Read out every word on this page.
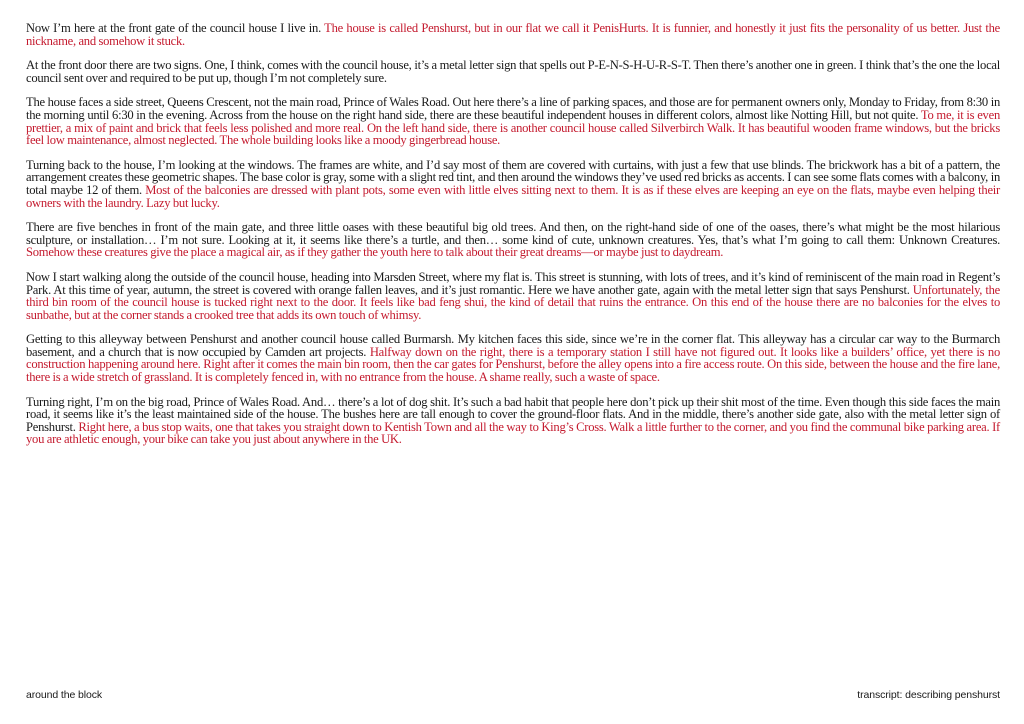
Now I’m here at the front gate of the council house I live in. The house is called Penshurst, but in our flat we call it PenisHurts. It is funnier, and honestly it just fits the personality of us better. Just the nickname, and somehow it stuck.

At the front door there are two signs. One, I think, comes with the council house, it’s a metal letter sign that spells out P-E-N-S-H-U-R-S-T. Then there’s another one in green. I think that’s the one the local council sent over and required to be put up, though I’m not completely sure.

The house faces a side street, Queens Crescent, not the main road, Prince of Wales Road. Out here there’s a line of parking spaces, and those are for permanent owners only, Monday to Friday, from 8:30 in the morning until 6:30 in the evening. Across from the house on the right hand side, there are these beautiful independent houses in different colors, almost like Notting Hill, but not quite. To me, it is even prettier, a mix of paint and brick that feels less polished and more real. On the left hand side, there is another council house called Silverbirch Walk. It has beautiful wooden frame windows, but the bricks feel low maintenance, almost neglected. The whole building looks like a moody gingerbread house.

Turning back to the house, I’m looking at the windows. The frames are white, and I’d say most of them are covered with curtains, with just a few that use blinds. The brickwork has a bit of a pattern, the arrangement creates these geometric shapes. The base color is gray, some with a slight red tint, and then around the windows they’ve used red bricks as accents. I can see some flats comes with a balcony, in total maybe 12 of them. Most of the balconies are dressed with plant pots, some even with little elves sitting next to them. It is as if these elves are keeping an eye on the flats, maybe even helping their owners with the laundry. Lazy but lucky.

There are five benches in front of the main gate, and three little oases with these beautiful big old trees. And then, on the right-hand side of one of the oases, there’s what might be the most hilarious sculpture, or installation… I’m not sure. Looking at it, it seems like there’s a turtle, and then… some kind of cute, unknown creatures. Yes, that’s what I’m going to call them: Unknown Creatures. Somehow these creatures give the place a magical air, as if they gather the youth here to talk about their great dreams—or maybe just to daydream.

Now I start walking along the outside of the council house, heading into Marsden Street, where my flat is. This street is stunning, with lots of trees, and it’s kind of reminiscent of the main road in Regent’s Park. At this time of year, autumn, the street is covered with orange fallen leaves, and it’s just romantic. Here we have another gate, again with the metal letter sign that says Penshurst. Unfortunately, the third bin room of the council house is tucked right next to the door. It feels like bad feng shui, the kind of detail that ruins the entrance. On this end of the house there are no balconies for the elves to sunbathe, but at the corner stands a crooked tree that adds its own touch of whimsy.

Getting to this alleyway between Penshurst and another council house called Burmarsh. My kitchen faces this side, since we’re in the corner flat. This alleyway has a circular car way to the Burmarch basement, and a church that is now occupied by Camden art projects. Halfway down on the right, there is a temporary station I still have not figured out. It looks like a builders’ office, yet there is no construction happening around here. Right after it comes the main bin room, then the car gates for Penshurst, before the alley opens into a fire access route. On this side, between the house and the fire lane, there is a wide stretch of grassland. It is completely fenced in, with no entrance from the house. A shame really, such a waste of space.

Turning right, I’m on the big road, Prince of Wales Road. And… there’s a lot of dog shit. It’s such a bad habit that people here don’t pick up their shit most of the time. Even though this side faces the main road, it seems like it’s the least maintained side of the house. The bushes here are tall enough to cover the ground-floor flats. And in the middle, there’s another side gate, also with the metal letter sign of Penshurst. Right here, a bus stop waits, one that takes you straight down to Kentish Town and all the way to King’s Cross. Walk a little further to the corner, and you find the communal bike parking area. If you are athletic enough, your bike can take you just about anywhere in the UK.

around the block	transcript: describing penshurst
